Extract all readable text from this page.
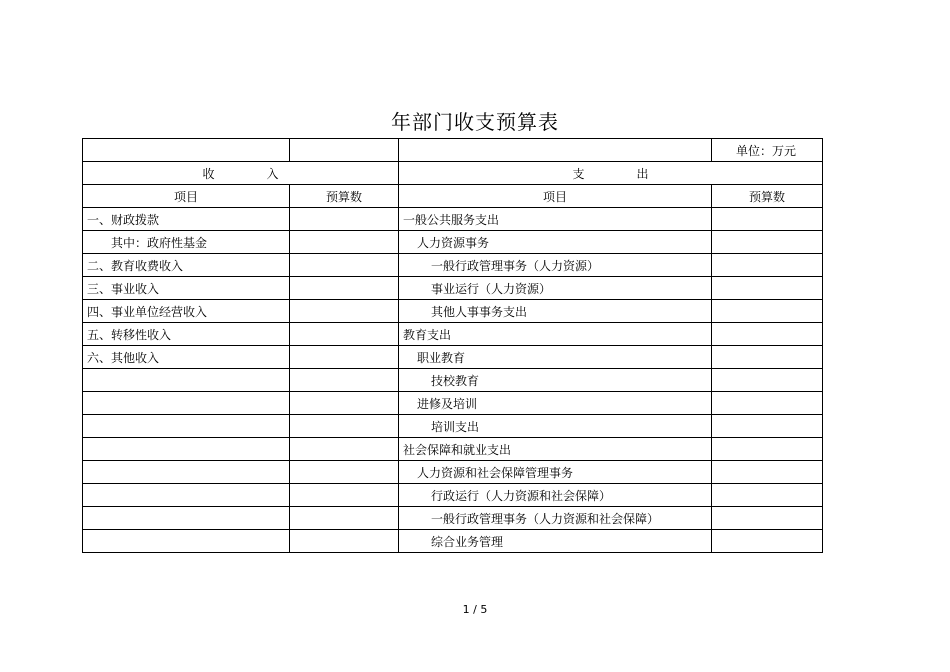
年部门收支预算表
			单位：万元
收 入		支 出	
项目	预算数	项目	预算数
一、财政拨款		一般公共服务支出	
其中：政府性基金		人力资源事务	
二、教育收费收入		一般行政管理事务（人力资源）	
三、事业收入		事业运行（人力资源）	
四、事业单位经营收入		其他人事事务支出	
五、转移性收入		教育支出	
六、其他收入		职业教育	
		技校教育	
		进修及培训	
		培训支出	
		社会保障和就业支出	
		人力资源和社会保障管理事务	
		行政运行（人力资源和社会保障）	
		一般行政管理事务（人力资源和社会保障）	
		综合业务管理	
1 / 5
